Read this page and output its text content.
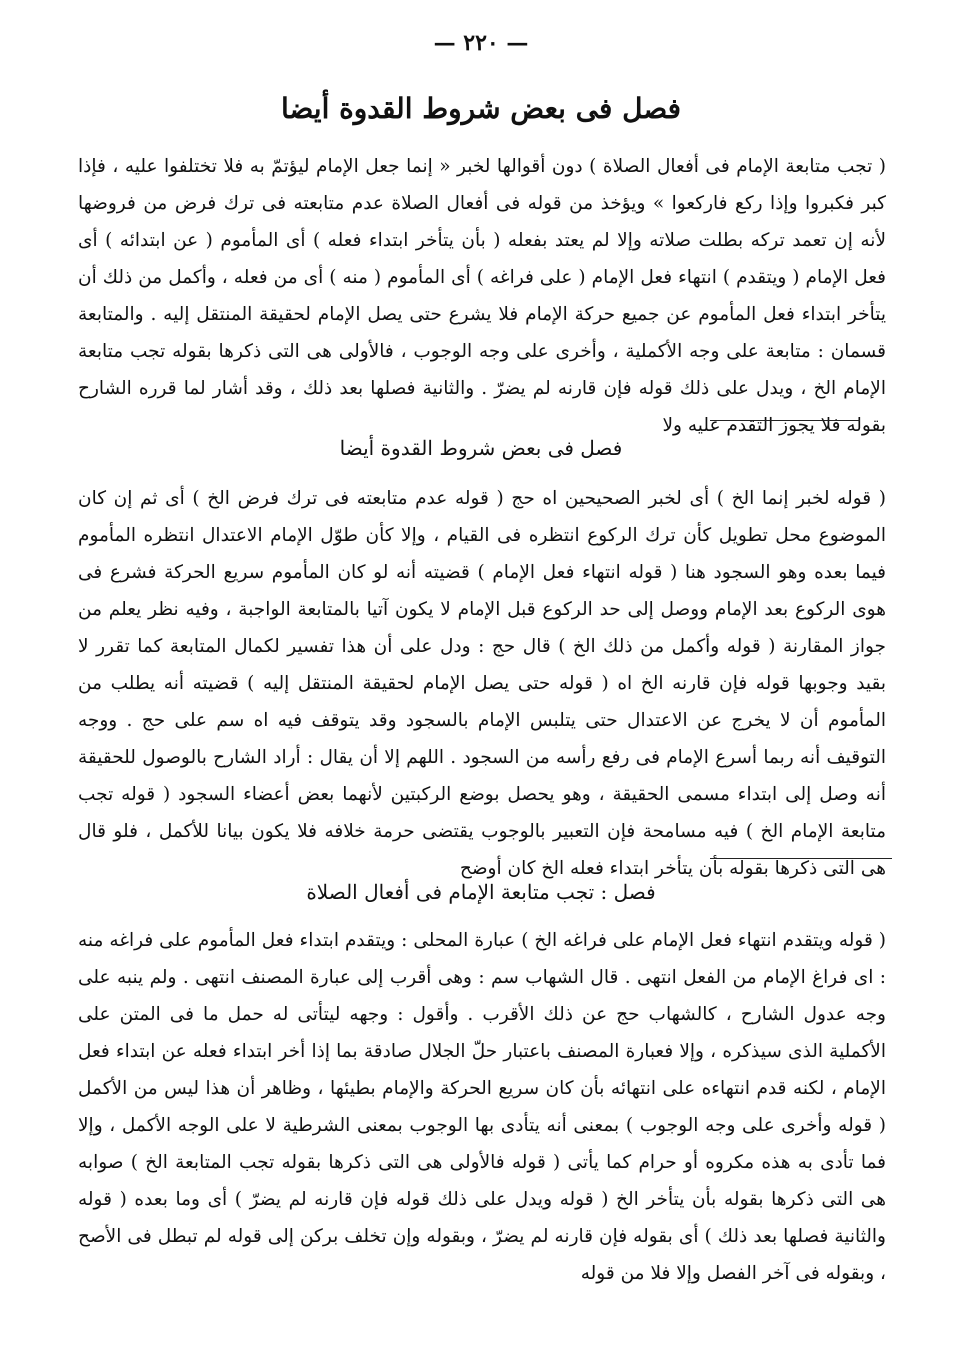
— ٢٢٠ —
فصل فى بعض شروط القدوة أيضا

( تجب متابعة الإمام فى أفعال الصلاة ) دون أقوالها لخبر « إنما جعل الإمام ليؤتمّ به فلا تختلفوا عليه ، فإذا كبر فكبروا وإذا ركع فاركعوا » ويؤخذ من قوله فى أفعال الصلاة عدم متابعته فى ترك فرض من فروضها لأنه إن تعمد تركه بطلت صلاته وإلا لم يعتد بفعله ( بأن يتأخر ابتداء فعله ) أى المأموم ( عن ابتدائه ) أى فعل الإمام ( ويتقدم ) انتهاء فعل الإمام ( على فراغه ) أى المأموم ( منه ) أى من فعله ، وأكمل من ذلك أن يتأخر ابتداء فعل المأموم عن جميع حركة الإمام فلا يشرع حتى يصل الإمام لحقيقة المنتقل إليه . والمتابعة قسمان : متابعة على وجه الأكملية ، وأخرى على وجه الوجوب ، فالأولى هى التى ذكرها بقوله تجب متابعة الإمام الخ ، ويدل على ذلك قوله فإن قارنه لم يضرّ . والثانية فصلها بعد ذلك ، وقد أشار لما قرره الشارح بقوله فلا يجوز التقدم عليه ولا

فصل فى بعض شروط القدوة أيضا

( قوله لخبر إنما الخ ) أى لخبر الصحيحين اه حج ( قوله عدم متابعته فى ترك فرض الخ ) أى ثم إن كان الموضوع محل تطويل كأن ترك الركوع انتظره فى القيام ، وإلا كأن طوّل الإمام الاعتدال انتظره المأموم فيما بعده وهو السجود هنا ( قوله انتهاء فعل الإمام ) قضيته أنه لو كان المأموم سريع الحركة فشرع فى هوى الركوع بعد الإمام ووصل إلى حد الركوع قبل الإمام لا يكون آتيا بالمتابعة الواجبة ، وفيه نظر يعلم من جواز المقارنة ( قوله وأكمل من ذلك الخ ) قال حج : ودل على أن هذا تفسير لكمال المتابعة كما تقرر لا بقيد وجوبها قوله فإن قارنه الخ اه ( قوله حتى يصل الإمام لحقيقة المنتقل إليه ) قضيته أنه يطلب من المأموم أن لا يخرج عن الاعتدال حتى يتلبس الإمام بالسجود وقد يتوقف فيه اه سم على حج . ووجه التوقيف أنه ربما أسرع الإمام فى رفع رأسه من السجود . اللهم إلا أن يقال : أراد الشارح بالوصول للحقيقة أنه وصل إلى ابتداء مسمى الحقيقة ، وهو يحصل بوضع الركبتين لأنهما بعض أعضاء السجود ( قوله تجب متابعة الإمام الخ ) فيه مسامحة فإن التعبير بالوجوب يقتضى حرمة خلافه فلا يكون بيانا للأكمل ، فلو قال هى التى ذكرها بقوله بأن يتأخر ابتداء فعله الخ كان أوضح

فصل : تجب متابعة الإمام فى أفعال الصلاة

( قوله ويتقدم انتهاء فعل الإمام على فراغه الخ ) عبارة المحلى : ويتقدم ابتداء فعل المأموم على فراغه منه : اى فراغ الإمام من الفعل انتهى . قال الشهاب سم : وهى أقرب إلى عبارة المصنف انتهى . ولم ينبه على وجه عدول الشارح ، كالشهاب حج عن ذلك الأقرب . وأقول : وجهه ليتأتى له حمل ما فى المتن على الأكملية الذى سيذكره ، وإلا فعبارة المصنف باعتبار حلّ الجلال صادقة بما إذا أخر ابتداء فعله عن ابتداء فعل الإمام ، لكنه قدم انتهاءه على انتهائه بأن كان سريع الحركة والإمام بطيئها ، وظاهر أن هذا ليس من الأكمل ( قوله وأخرى على وجه الوجوب ) بمعنى أنه يتأدى بها الوجوب بمعنى الشرطية لا على الوجه الأكمل ، وإلا فما تأدى به هذه مكروه أو حرام كما يأتى ( قوله فالأولى هى التى ذكرها بقوله تجب المتابعة الخ ) صوابه هى التى ذكرها بقوله بأن يتأخر الخ ( قوله ويدل على ذلك قوله فإن قارنه لم يضرّ ) أى وما بعده ( قوله والثانية فصلها بعد ذلك ) أى بقوله فإن قارنه لم يضرّ ، وبقوله وإن تخلف بركن إلى قوله لم تبطل فى الأصح ، وبقوله فى آخر الفصل وإلا فلا من قوله
